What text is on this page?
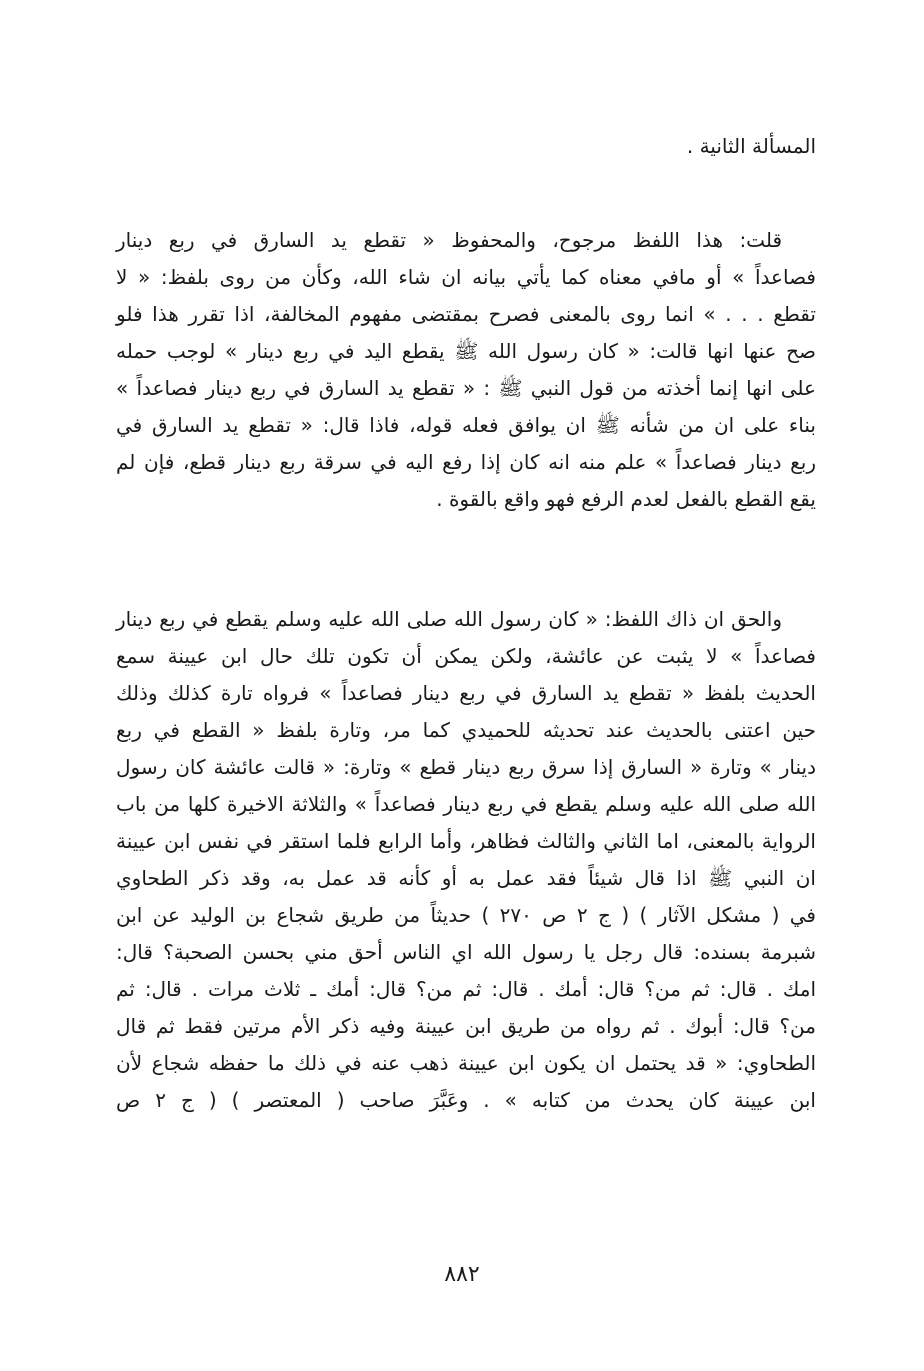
المسألة الثانية .
قلت: هذا اللفظ مرجوح، والمحفوظ « تقطع يد السارق في ربع دينار
فصاعداً » أو مافي معناه كما يأتي بيانه ان شاء الله، وكأن من روى بلفظ: « لا
تقطع . . . » انما روى بالمعنى فصرح بمقتضى مفهوم المخالفة، اذا تقرر هذا فلو
صح عنها انها قالت: « كان رسول الله ﷺ يقطع اليد في ربع دينار » لوجب حمله
على انها إنما أخذته من قول النبي ﷺ : « تقطع يد السارق في ربع دينار فصاعداً »
بناء على ان من شأنه ﷺ ان يوافق فعله قوله، فاذا قال: « تقطع يد السارق في
ربع دينار فصاعداً » علم منه انه كان إذا رفع اليه في سرقة ربع دينار قطع، فإن لم
يقع القطع بالفعل لعدم الرفع فهو واقع بالقوة .
والحق ان ذاك اللفظ: « كان رسول الله صلى الله عليه وسلم يقطع في ربع دينار
فصاعداً » لا يثبت عن عائشة، ولكن يمكن أن تكون تلك حال ابن عيينة سمع
الحديث بلفظ « تقطع يد السارق في ربع دينار فصاعداً » فرواه تارة كذلك وذلك
حين اعتنى بالحديث عند تحديثه للحميدي كما مر، وتارة بلفظ « القطع في ربع
دينار » وتارة « السارق إذا سرق ربع دينار قطع » وتارة: « قالت عائشة كان رسول
الله صلى الله عليه وسلم يقطع في ربع دينار فصاعداً » والثلاثة الاخيرة كلها من باب
الرواية بالمعنى، اما الثاني والثالث فظاهر، وأما الرابع فلما استقر في نفس ابن عيينة
ان النبي ﷺ اذا قال شيئاً فقد عمل به أو كأنه قد عمل به، وقد ذكر الطحاوي
في ( مشكل الآثار ) ( ج ٢ ص ٢٧٠ ) حديثاً من طريق شجاع بن الوليد عن ابن
شبرمة بسنده: قال رجل يا رسول الله اي الناس أحق مني بحسن الصحبة؟ قال:
امك . قال: ثم من؟ قال: أمك . قال: ثم من؟ قال: أمك ـ ثلاث مرات . قال: ثم
من؟ قال: أبوك . ثم رواه من طريق ابن عيينة وفيه ذكر الأم مرتين فقط ثم قال
الطحاوي: « قد يحتمل ان يكون ابن عيينة ذهب عنه في ذلك ما حفظه شجاع لأن
ابن عيينة كان يحدث من كتابه » . وعَبَّرَ صاحب ( المعتصر ) ( ج ٢ ص
٨٨٢
